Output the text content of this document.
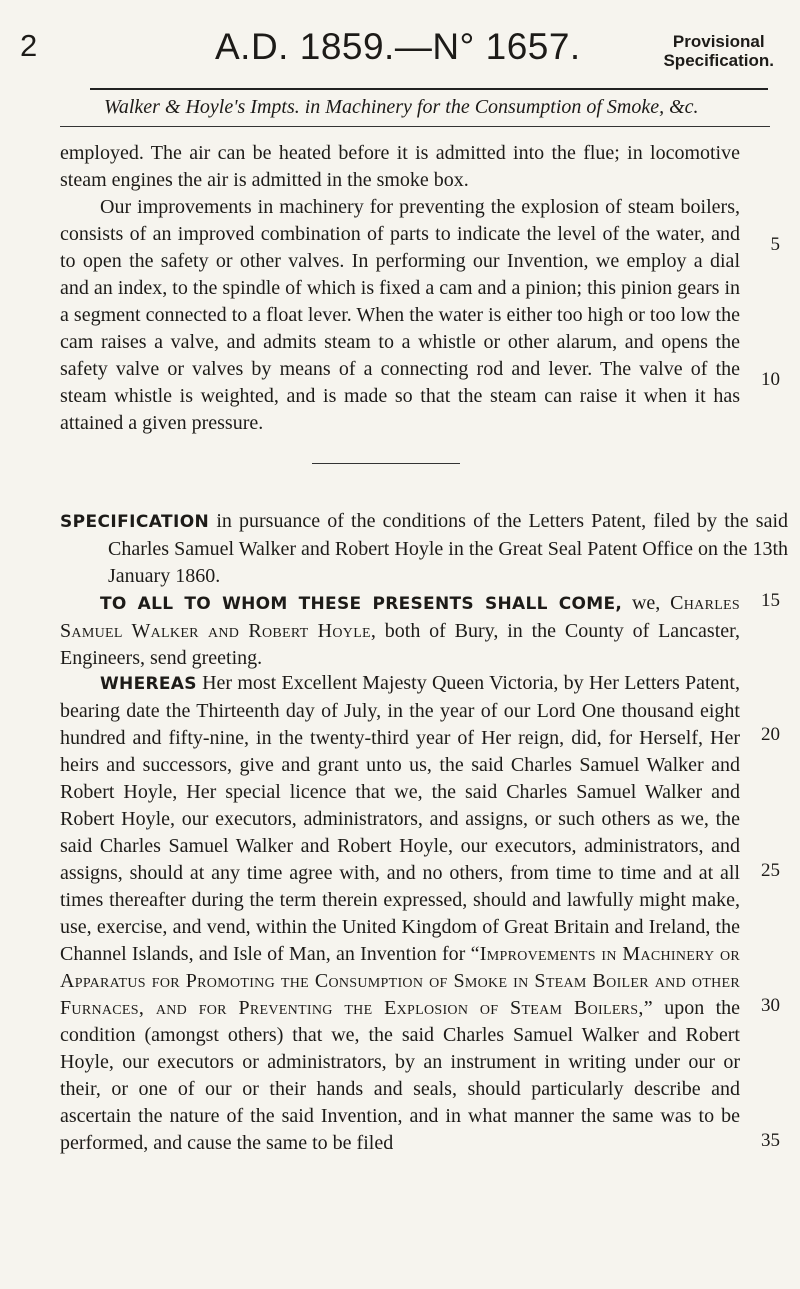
2	A.D. 1859.—N° 1657.	Provisional
Specification.
Walker & Hoyle's Impts. in Machinery for the Consumption of Smoke, &c.

employed. The air can be heated before it is admitted into the flue; in locomotive steam engines the air is admitted in the smoke box.

Our improvements in machinery for preventing the explosion of steam boilers, consists of an improved combination of parts to indicate the level of the water, and to open the safety or other valves. In performing our Invention, we employ a dial and an index, to the spindle of which is fixed a cam and a pinion; this pinion gears in a segment connected to a float lever. When the water is either too high or too low the cam raises a valve, and admits steam to a whistle or other alarum, and opens the safety valve or valves by means of a connecting rod and lever. The valve of the steam whistle is weighted, and is made so that the steam can raise it when it has attained a given pressure.

SPECIFICATION in pursuance of the conditions of the Letters Patent, filed by the said Charles Samuel Walker and Robert Hoyle in the Great Seal Patent Office on the 13th January 1860.

TO ALL TO WHOM THESE PRESENTS SHALL COME, we, Charles Samuel Walker and Robert Hoyle, both of Bury, in the County of Lancaster, Engineers, send greeting.

WHEREAS Her most Excellent Majesty Queen Victoria, by Her Letters Patent, bearing date the Thirteenth day of July, in the year of our Lord One thousand eight hundred and fifty-nine, in the twenty-third year of Her reign, did, for Herself, Her heirs and successors, give and grant unto us, the said Charles Samuel Walker and Robert Hoyle, Her special licence that we, the said Charles Samuel Walker and Robert Hoyle, our executors, administrators, and assigns, or such others as we, the said Charles Samuel Walker and Robert Hoyle, our executors, administrators, and assigns, should at any time agree with, and no others, from time to time and at all times thereafter during the term therein expressed, should and lawfully might make, use, exercise, and vend, within the United Kingdom of Great Britain and Ireland, the Channel Islands, and Isle of Man, an Invention for “Improvements in Machinery or Apparatus for Promoting the Consumption of Smoke in Steam Boiler and other Furnaces, and for Preventing the Explosion of Steam Boilers,” upon the condition (amongst others) that we, the said Charles Samuel Walker and Robert Hoyle, our executors or administrators, by an instrument in writing under our or their, or one of our or their hands and seals, should particularly describe and ascertain the nature of the said Invention, and in what manner the same was to be performed, and cause the same to be filed

5
10
15
20
25
30
35
